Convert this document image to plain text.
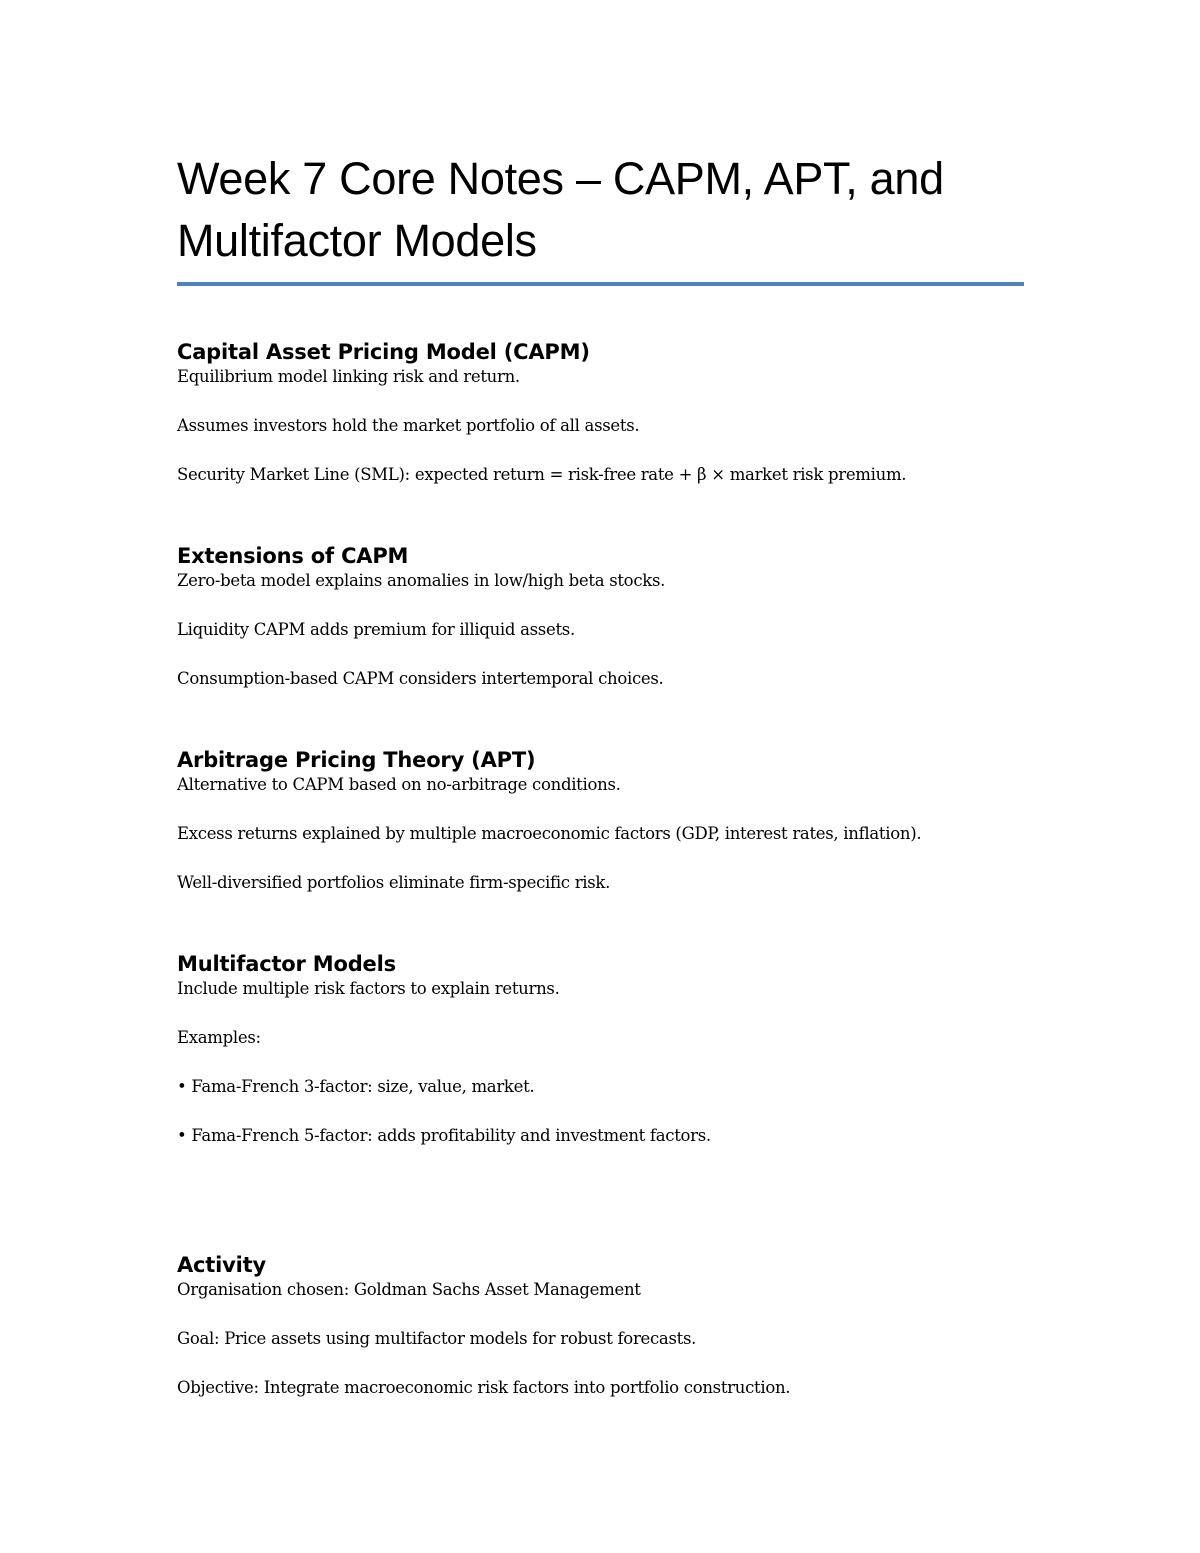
Week 7 Core Notes – CAPM, APT, and
Multifactor Models
Capital Asset Pricing Model (CAPM)

Equilibrium model linking risk and return.

Assumes investors hold the market portfolio of all assets.

Security Market Line (SML): expected return = risk-free rate + β × market risk premium.

Extensions of CAPM

Zero-beta model explains anomalies in low/high beta stocks.

Liquidity CAPM adds premium for illiquid assets.

Consumption-based CAPM considers intertemporal choices.

Arbitrage Pricing Theory (APT)

Alternative to CAPM based on no-arbitrage conditions.

Excess returns explained by multiple macroeconomic factors (GDP, interest rates, inflation).

Well-diversified portfolios eliminate firm-specific risk.

Multifactor Models

Include multiple risk factors to explain returns.

Examples:

• Fama-French 3-factor: size, value, market.

• Fama-French 5-factor: adds profitability and investment factors.

Activity

Organisation chosen: Goldman Sachs Asset Management

Goal: Price assets using multifactor models for robust forecasts.

Objective: Integrate macroeconomic risk factors into portfolio construction.
